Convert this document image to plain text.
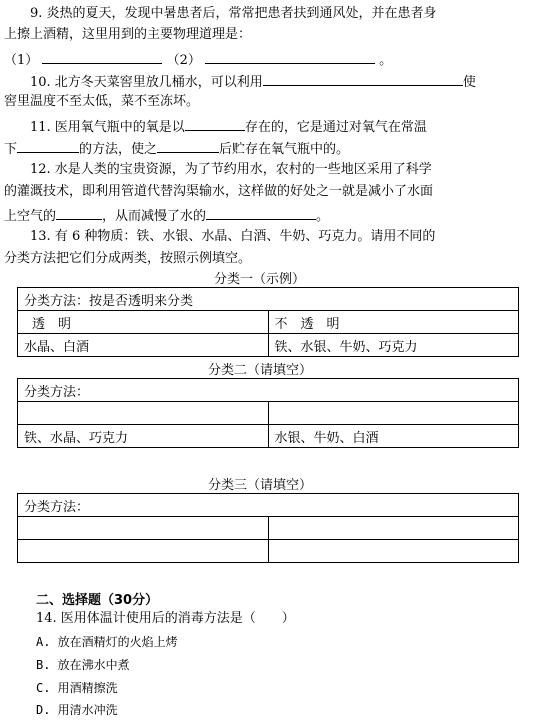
9. 炎热的夏天，发现中暑患者后，常常把患者扶到通风处，并在患者身
上擦上酒精，这里用到的主要物理道理是：
（1）	（2）	。
10. 北方冬天菜窖里放几桶水，可以利用	使
窖里温度不至太低，菜不至冻坏。
11. 医用氧气瓶中的氧是以	存在的，它是通过对氧气在常温
下	的方法，使之	后贮存在氧气瓶中的。
12. 水是人类的宝贵资源，为了节约用水，农村的一些地区采用了科学
的灌溉技术，即利用管道代替沟渠输水，这样做的好处之一就是减小了水面
上空气的	，从而减慢了水的	。
13. 有 6 种物质：铁、水银、水晶、白酒、牛奶、巧克力。请用不同的
分类方法把它们分成两类，按照示例填空。
分类一（示例）
分类方法：按是否透明来分类	
透　明	不　透　明
水晶、白酒	铁、水银、牛奶、巧克力
分类二（请填空）
分类方法：	

铁、水晶、巧克力	水银、牛奶、白酒
分类三（请填空）
分类方法：	

二、选择题（30分）
14. 医用体温计使用后的消毒方法是（　　）
A. 放在酒精灯的火焰上烤
B. 放在沸水中煮
C. 用酒精擦洗
D. 用清水冲洗
